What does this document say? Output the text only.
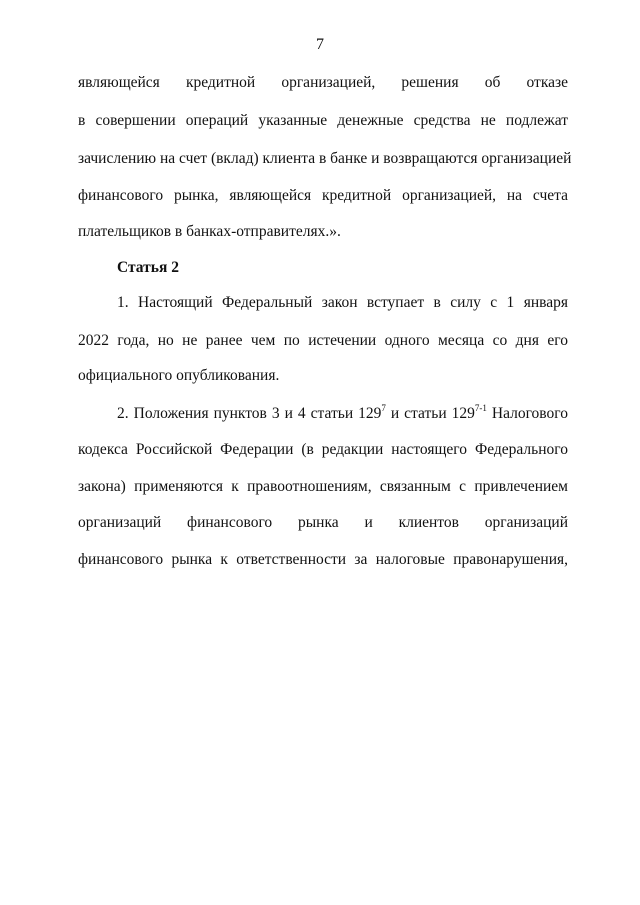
7
являющейся кредитной организацией, решения об отказе
в совершении операций указанные денежные средства не подлежат
зачислению на счет (вклад) клиента в банке и возвращаются организацией
финансового рынка, являющейся кредитной организацией, на счета
плательщиков в банках-отправителях.».
Статья 2
1. Настоящий Федеральный закон вступает в силу с 1 января
2022 года, но не ранее чем по истечении одного месяца со дня его
официального опубликования.
2. Положения пунктов 3 и 4 статьи $129^7$ и статьи 129$^{7-1}$ Налогового
кодекса Российской Федерации (в редакции настоящего Федерального
закона) применяются к правоотношениям, связанным с привлечением
организаций финансового рынка и клиентов организаций
финансового рынка к ответственности за налоговые правонарушения,
